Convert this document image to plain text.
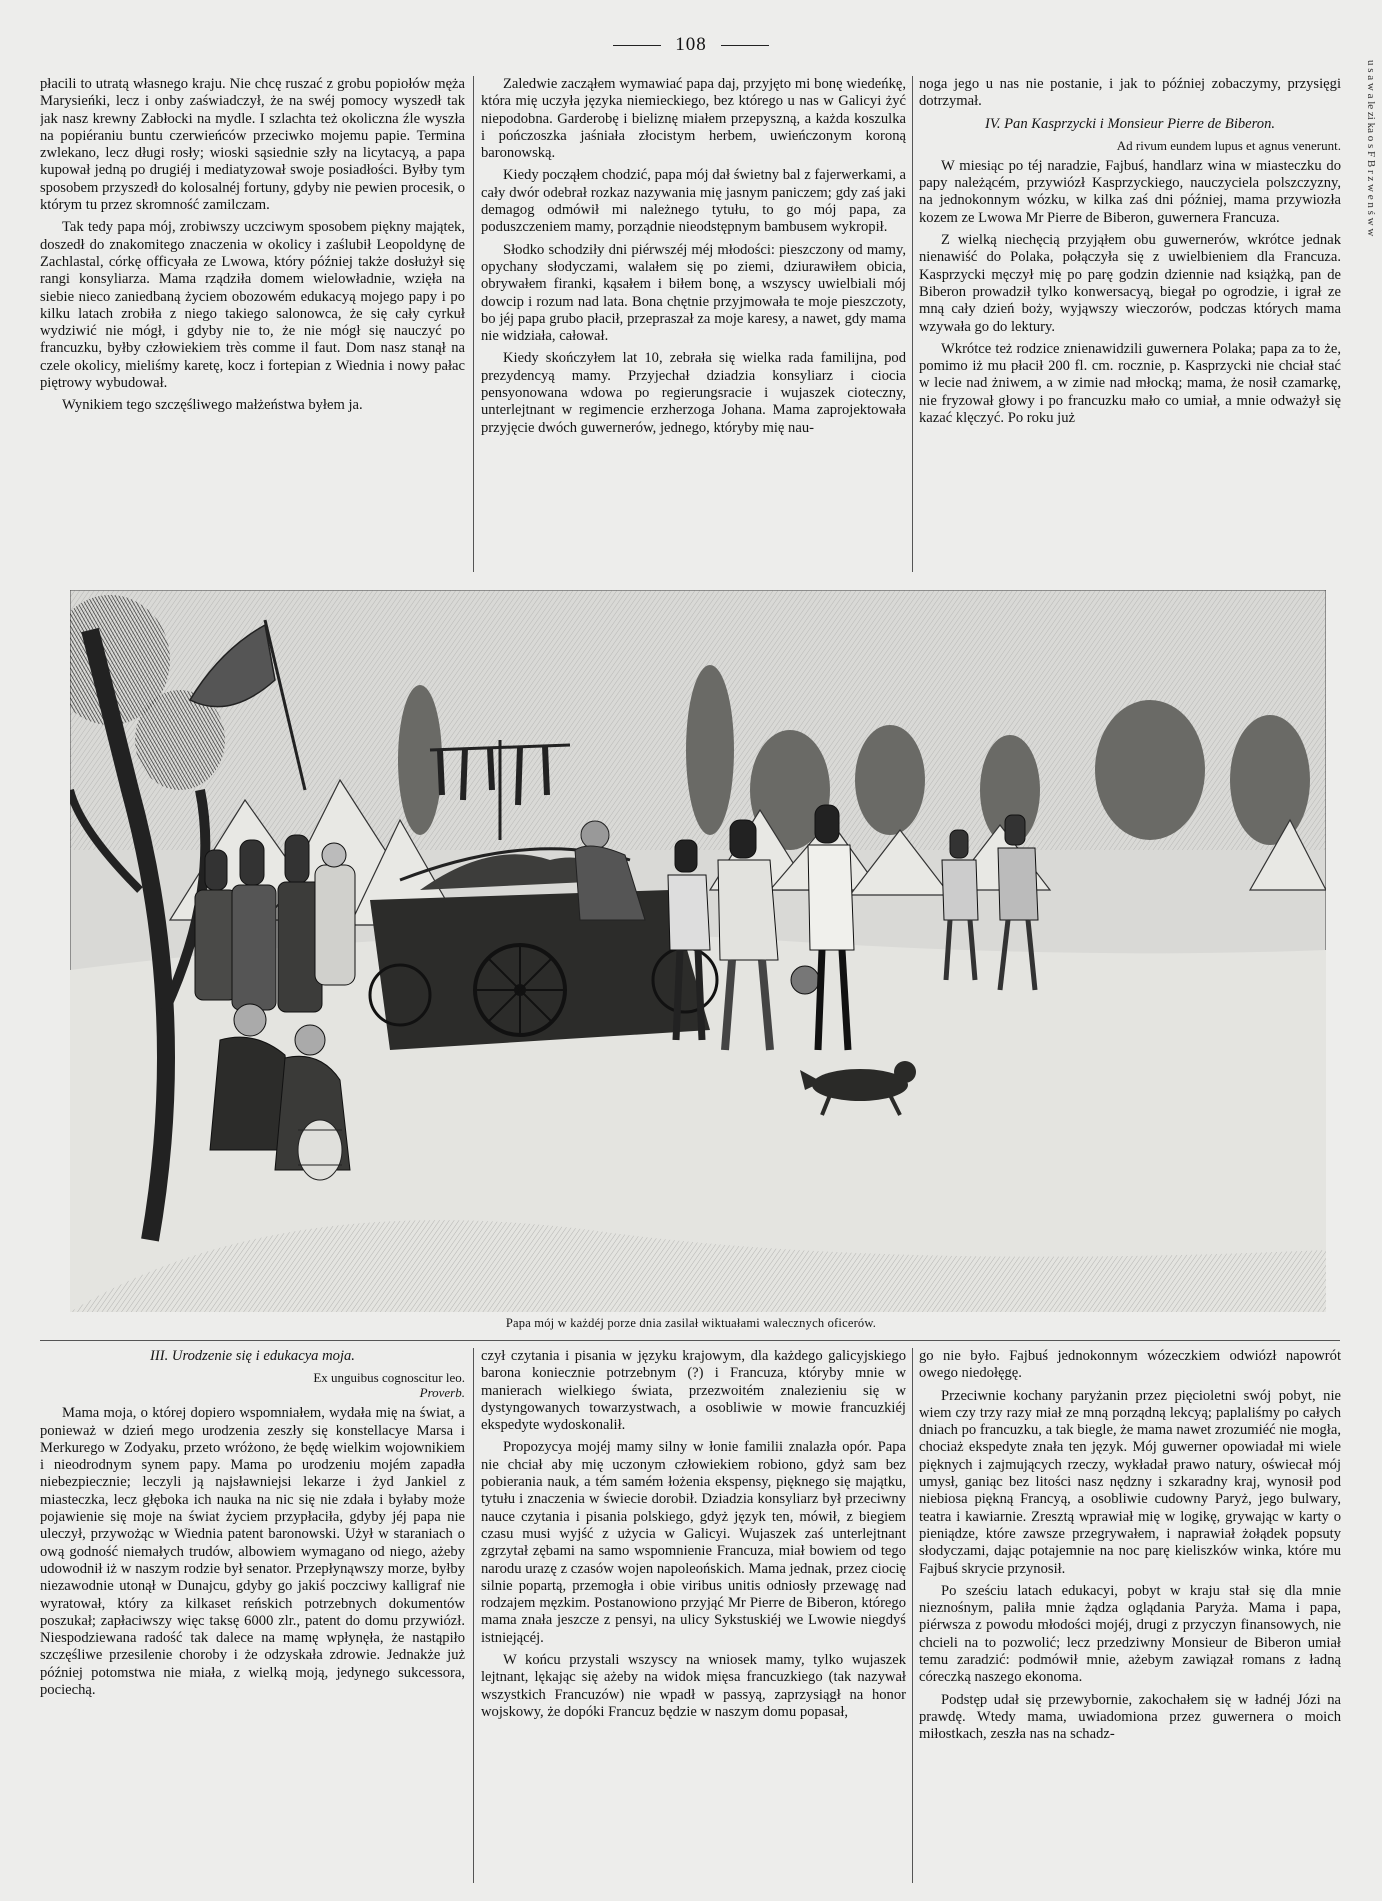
108

płacili to utratą własnego kraju. Nie chcę ruszać z grobu popiołów męża Marysieńki, lecz i onby zaświadczył, że na swéj pomocy wyszedł tak jak nasz krewny Zabłocki na mydle. I szlachta też okoliczna źle wyszła na popiéraniu buntu czerwieńców przeciwko mojemu papie. Termina zwlekano, lecz długi rosły; wioski sąsiednie szły na licytacyą, a papa kupował jedną po drugiéj i mediatyzował swoje posiadłości. Byłby tym sposobem przyszedł do kolosalnéj fortuny, gdyby nie pewien procesik, o którym tu przez skromność zamilczam.

Tak tedy papa mój, zrobiwszy uczciwym sposobem piękny majątek, doszedł do znakomitego znaczenia w okolicy i zaślubił Leopoldynę de Zachlastal, córkę officyała ze Lwowa, który później także dosłużył się rangi konsyliarza. Mama rządziła domem wielowładnie, wzięła na siebie nieco zaniedbaną życiem obozowém edukacyą mojego papy i po kilku latach zrobiła z niego takiego salonowca, że się cały cyrkuł wydziwić nie mógł, i gdyby nie to, że nie mógł się nauczyć po francuzku, byłby człowiekiem très comme il faut. Dom nasz stanął na czele okolicy, mieliśmy karetę, kocz i fortepian z Wiednia i nowy pałac piętrowy wybudował.

Wynikiem tego szczęśliwego małżeństwa byłem ja.

Zaledwie zacząłem wymawiać papa daj, przyjęto mi bonę wiedeńkę, która mię uczyła języka niemieckiego, bez którego u nas w Galicyi żyć niepodobna. Garderobę i bieliznę miałem przepyszną, a każda koszulka i pończoszka jaśniała złocistym herbem, uwieńczonym koroną baronowską.

Kiedy począłem chodzić, papa mój dał świetny bal z fajerwerkami, a cały dwór odebrał rozkaz nazywania mię jasnym paniczem; gdy zaś jaki demagog odmówił mi należnego tytułu, to go mój papa, za poduszczeniem mamy, porządnie nieodstępnym bambusem wykropił.

Słodko schodziły dni piérwszéj méj młodości: pieszczony od mamy, opychany słodyczami, walałem się po ziemi, dziurawiłem obicia, obrywałem firanki, kąsałem i biłem bonę, a wszyscy uwielbiali mój dowcip i rozum nad lata. Bona chętnie przyjmowała te moje pieszczoty, bo jéj papa grubo płacił, przepraszał za moje karesy, a nawet, gdy mama nie widziała, całował.

Kiedy skończyłem lat 10, zebrała się wielka rada familijna, pod prezydencyą mamy. Przyjechał dziadzia konsyliarz i ciocia pensyonowana wdowa po regierungsracie i wujaszek cioteczny, unterlejtnant w regimencie erzherzoga Johana. Mama zaprojektowała przyjęcie dwóch guwernerów, jednego, któryby mię nau-

noga jego u nas nie postanie, i jak to później zobaczymy, przysięgi dotrzymał.

IV. Pan Kasprzycki i Monsieur Pierre de Biberon.

Ad rivum eundem lupus et agnus venerunt.

W miesiąc po téj naradzie, Fajbuś, handlarz wina w miasteczku do papy należącém, przywiózł Kasprzyckiego, nauczyciela polszczyzny, na jednokonnym wózku, w kilka zaś dni później, mama przywiozła kozem ze Lwowa Mr Pierre de Biberon, guwernera Francuza.

Z wielką niechęcią przyjąłem obu guwernerów, wkrótce jednak nienawiść do Polaka, połączyła się z uwielbieniem dla Francuza. Kasprzycki męczył mię po parę godzin dziennie nad książką, pan de Biberon prowadził tylko konwersacyą, biegał po ogrodzie, i igrał ze mną cały dzień boży, wyjąwszy wieczorów, podczas których mama wzywała go do lektury.

Wkrótce też rodzice znienawidzili guwernera Polaka; papa za to że, pomimo iż mu płacił 200 fl. cm. rocznie, p. Kasprzycki nie chciał stać w lecie nad żniwem, a w zimie nad młocką; mama, że nosił czamarkę, nie fryzował głowy i po francuzku mało co umiał, a mnie odważył się kazać klęczyć. Po roku już

Papa mój w każdéj porze dnia zasilał wiktuałami walecznych oficerów.

III. Urodzenie się i edukacya moja.

Ex unguibus cognoscitur leo.
Proverb.

Mama moja, o której dopiero wspomniałem, wydała mię na świat, a ponieważ w dzień mego urodzenia zeszły się konstellacye Marsa i Merkurego w Zodyaku, przeto wróżono, że będę wielkim wojownikiem i nieodrodnym synem papy. Mama po urodzeniu mojém zapadła niebezpiecznie; leczyli ją najsławniejsi lekarze i żyd Jankiel z miasteczka, lecz głęboka ich nauka na nic się nie zdała i byłaby może pojawienie się moje na świat życiem przypłaciła, gdyby jéj papa nie uleczył, przywożąc w Wiednia patent baronowski. Użył w staraniach o ową godność niemałych trudów, albowiem wymagano od niego, ażeby udowodnił iż w naszym rodzie był senator. Przepłynąwszy morze, byłby niezawodnie utonął w Dunajcu, gdyby go jakiś poczciwy kalligraf nie wyratował, który za kilkaset reńskich potrzebnych dokumentów poszukał; zapłaciwszy więc taksę 6000 zlr., patent do domu przywiózł. Niespodziewana radość tak dalece na mamę wpłynęła, że nastąpiło szczęśliwe przesilenie choroby i że odzyskała zdrowie. Jednakże już później potomstwa nie miała, z wielką moją, jedynego sukcessora, pociechą.

czył czytania i pisania w języku krajowym, dla każdego galicyjskiego barona koniecznie potrzebnym (?) i Francuza, któryby mnie w manierach wielkiego świata, przezwoitém znalezieniu się w dystyngowanych towarzystwach, a osobliwie w mowie francuzkiéj ekspedyte wydoskonalił.

Propozycya mojéj mamy silny w łonie familii znalazła opór. Papa nie chciał aby mię uczonym człowiekiem robiono, gdyż sam bez pobierania nauk, a tém samém łożenia ekspensy, pięknego się majątku, tytułu i znaczenia w świecie dorobił. Dziadzia konsyliarz był przeciwny nauce czytania i pisania polskiego, gdyż język ten, mówił, z biegiem czasu musi wyjść z użycia w Galicyi. Wujaszek zaś unterlejtnant zgrzytał zębami na samo wspomnienie Francuza, miał bowiem od tego narodu urazę z czasów wojen napoleońskich. Mama jednak, przez ciocię silnie popartą, przemogła i obie viribus unitis odniosły przewagę nad rodzajem męzkim. Postanowiono przyjąć Mr Pierre de Biberon, którego mama znała jeszcze z pensyi, na ulicy Sykstuskiéj we Lwowie niegdyś istniejącéj.

W końcu przystali wszyscy na wniosek mamy, tylko wujaszek lejtnant, lękając się ażeby na widok mięsa francuzkiego (tak nazywał wszystkich Francuzów) nie wpadł w passyą, zaprzysiągł na honor wojskowy, że dopóki Francuz będzie w naszym domu popasał,

go nie było. Fajbuś jednokonnym wózeczkiem odwiózł napowrót owego niedołęgę.

Przeciwnie kochany paryżanin przez pięcioletni swój pobyt, nie wiem czy trzy razy miał ze mną porządną lekcyą; paplaliśmy po całych dniach po francuzku, a tak biegle, że mama nawet zrozumiéć nie mogła, chociaż ekspedyte znała ten język. Mój guwerner opowiadał mi wiele pięknych i zajmujących rzeczy, wykładał prawo natury, oświecał mój umysł, ganiąc bez litości nasz nędzny i szkaradny kraj, wynosił pod niebiosa piękną Francyą, a osobliwie cudowny Paryż, jego bulwary, teatra i kawiarnie. Zresztą wprawiał mię w logikę, grywając w karty o pieniądze, które zawsze przegrywałem, i naprawiał żołądek popsuty słodyczami, dając potajemnie na noc parę kieliszków winka, które mu Fajbuś skrycie przynosił.

Po sześciu latach edukacyi, pobyt w kraju stał się dla mnie nieznośnym, paliła mnie żądza oglądania Paryża. Mama i papa, piérwsza z powodu młodości mojéj, drugi z przyczyn finansowych, nie chcieli na to pozwolić; lecz przedziwny Monsieur de Biberon umiał temu zaradzić: podmówił mnie, ażebym zawiązał romans z ładną córeczką naszego ekonoma.

Podstęp udał się przewybornie, zakochałem się w ładnéj Józi na prawdę. Wtedy mama, uwiadomiona przez guwernera o moich miłostkach, zeszła nas na schadz-

u s a w a le zi ka o s F B r z w e n ś w w
